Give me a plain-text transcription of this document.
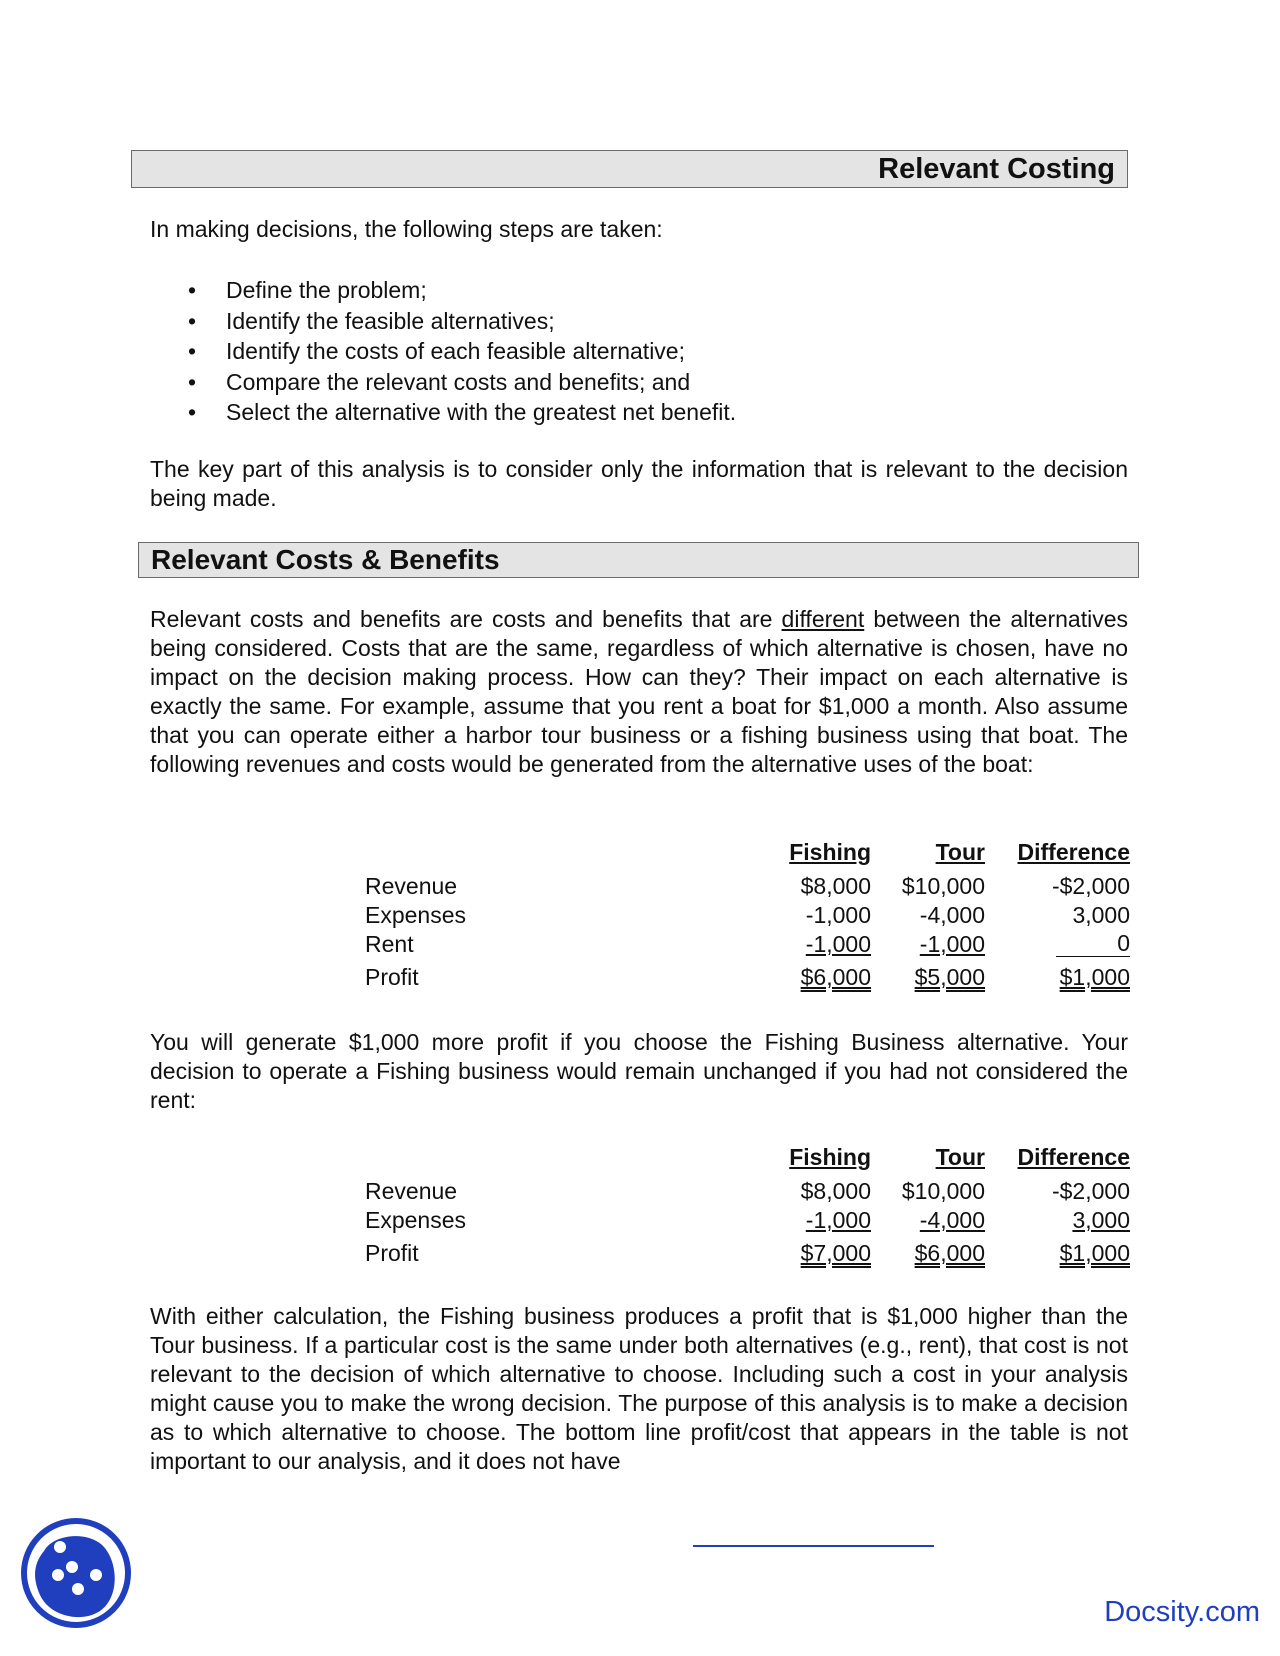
Relevant Costing

In making decisions, the following steps are taken:

• Define the problem;
• Identify the feasible alternatives;
• Identify the costs of each feasible alternative;
• Compare the relevant costs and benefits; and
• Select the alternative with the greatest net benefit.

The key part of this analysis is to consider only the information that is relevant to the decision being made.

Relevant Costs & Benefits

Relevant costs and benefits are costs and benefits that are different between the alternatives being considered. Costs that are the same, regardless of which alternative is chosen, have no impact on the decision making process. How can they? Their impact on each alternative is exactly the same. For example, assume that you rent a boat for $1,000 a month. Also assume that you can operate either a harbor tour business or a fishing business using that boat. The following revenues and costs would be generated from the alternative uses of the boat:

Fishing	Tour Difference
Revenue	$8,000 $10,000	-$2,000
Expenses	-1,000 -4,000	3,000
Rent	-1,000 -1,000	0
Profit	$6,000 $5,000	$1,000

You will generate $1,000 more profit if you choose the Fishing Business alternative. Your decision to operate a Fishing business would remain unchanged if you had not considered the rent:

Fishing	Tour Difference
Revenue	$8,000 $10,000	-$2,000
Expenses	-1,000 -4,000	3,000
Profit	$7,000 $6,000	$1,000

With either calculation, the Fishing business produces a profit that is $1,000 higher than the Tour business. If a particular cost is the same under both alternatives (e.g., rent), that cost is not relevant to the decision of which alternative to choose. Including such a cost in your analysis might cause you to make the wrong decision. The purpose of this analysis is to make a decision as to which alternative to choose. The bottom line profit/cost that appears in the table is not important to our analysis, and it does not have

Docsity.com
